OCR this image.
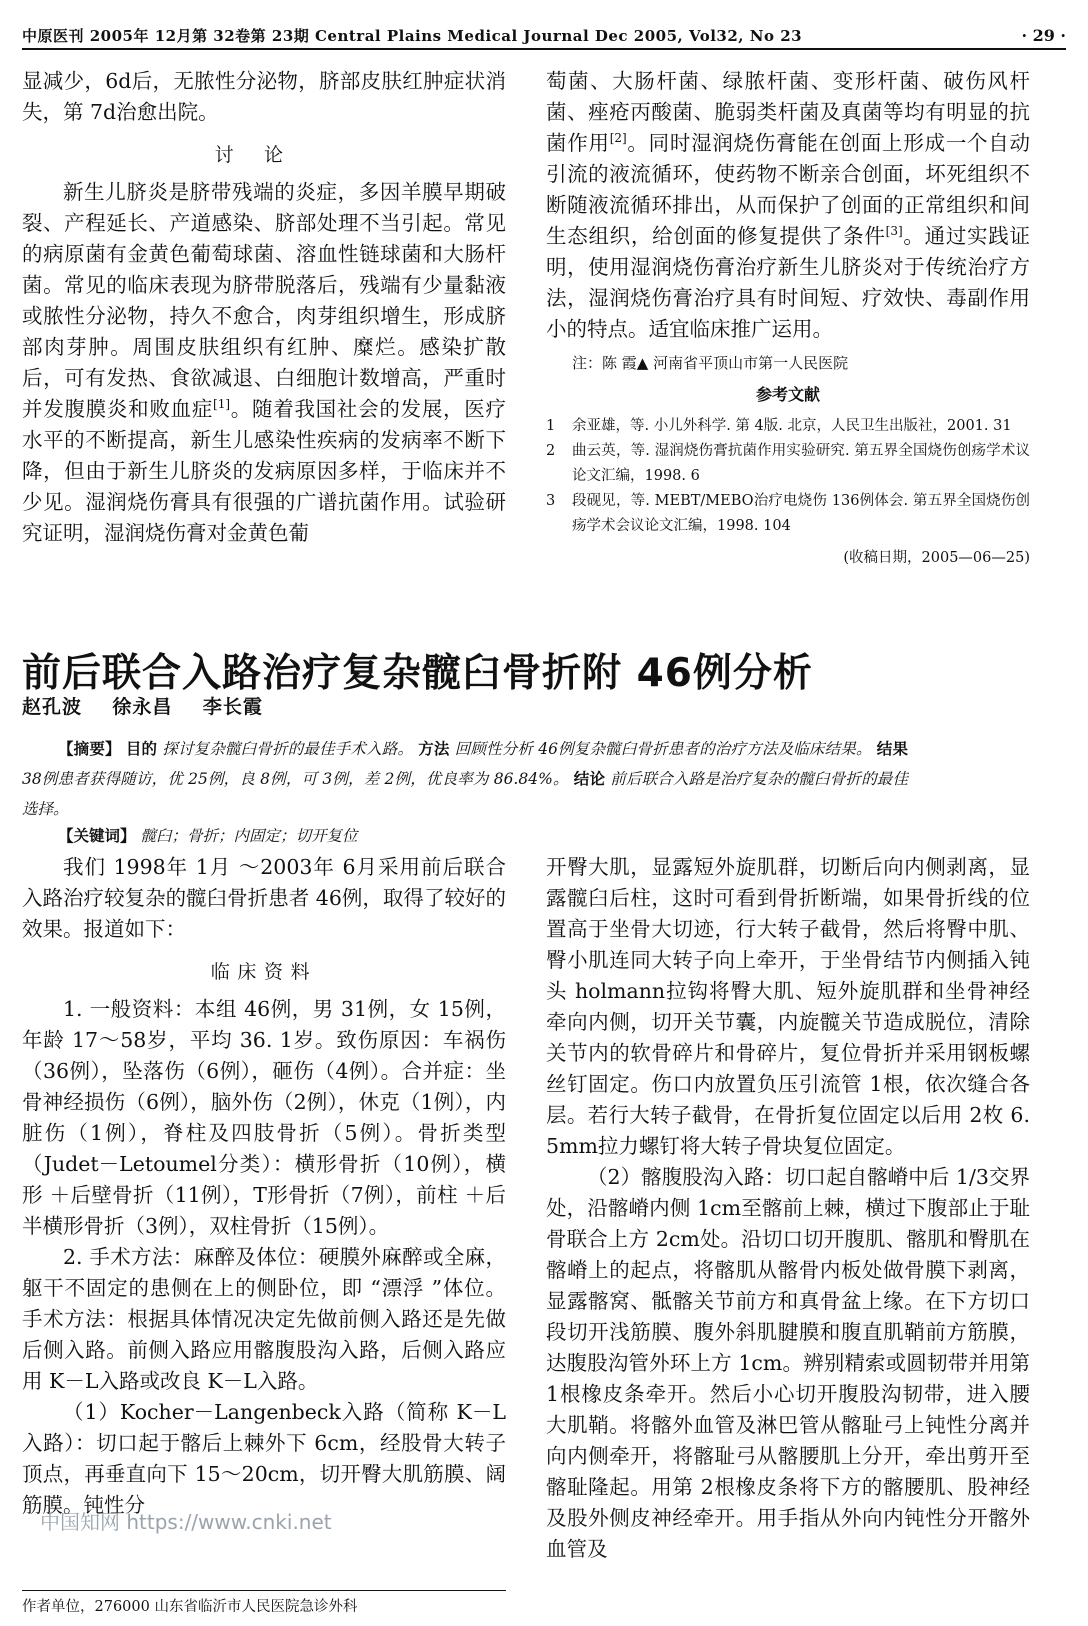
中原医刊 2005年 12月第 32卷第 23期 Central Plains Medical Journal Dec 2005, Vol32, No 23	· 29 ·

显减少，6d后，无脓性分泌物，脐部皮肤红肿症状消失，第 7d治愈出院。

讨论

新生儿脐炎是脐带残端的炎症，多因羊膜早期破裂、产程延长、产道感染、脐部处理不当引起。常见的病原菌有金黄色葡萄球菌、溶血性链球菌和大肠杆菌。常见的临床表现为脐带脱落后，残端有少量黏液或脓性分泌物，持久不愈合，肉芽组织增生，形成脐部肉芽肿。周围皮肤组织有红肿、糜烂。感染扩散后，可有发热、食欲减退、白细胞计数增高，严重时并发腹膜炎和败血症[1]。随着我国社会的发展，医疗水平的不断提高，新生儿感染性疾病的发病率不断下降，但由于新生儿脐炎的发病原因多样，于临床并不少见。湿润烧伤膏具有很强的广谱抗菌作用。试验研究证明，湿润烧伤膏对金黄色葡

萄菌、大肠杆菌、绿脓杆菌、变形杆菌、破伤风杆菌、痤疮丙酸菌、脆弱类杆菌及真菌等均有明显的抗菌作用[2]。同时湿润烧伤膏能在创面上形成一个自动引流的液流循环，使药物不断亲合创面，坏死组织不断随液流循环排出，从而保护了创面的正常组织和间生态组织，给创面的修复提供了条件[3]。通过实践证明，使用湿润烧伤膏治疗新生儿脐炎对于传统治疗方法，湿润烧伤膏治疗具有时间短、疗效快、毒副作用小的特点。适宜临床推广运用。

注：陈 霞▲ 河南省平顶山市第一人民医院
参考文献
1	余亚雄，等. 小儿外科学. 第 4版. 北京，人民卫生出版社，2001. 31
2	曲云英，等. 湿润烧伤膏抗菌作用实验研究. 第五界全国烧伤创疡学术议论文汇编，1998. 6
3	段砚见，等. MEBT/MEBO治疗电烧伤 136例体会. 第五界全国烧伤创疡学术会议论文汇编，1998. 104
(收稿日期，2005—06—25)
前后联合入路治疗复杂髋臼骨折附 46例分析
赵孔波 徐永昌 李长霞
【摘要】 目的 探讨复杂髋臼骨折的最佳手术入路。 方法 回顾性分析 46例复杂髋臼骨折患者的治疗方法及临床结果。 结果 38例患者获得随访，优 25例，良 8例，可 3例，差 2例，优良率为 86.84%。 结论 前后联合入路是治疗复杂的髋臼骨折的最佳选择。
【关键词】 髋臼；骨折；内固定；切开复位

我们 1998年 1月 ～2003年 6月采用前后联合入路治疗较复杂的髋臼骨折患者 46例，取得了较好的效果。报道如下：

临床资料

1. 一般资料：本组 46例，男 31例，女 15例，年龄 17～58岁，平均 36. 1岁。致伤原因：车祸伤（36例），坠落伤（6例），砸伤（4例）。合并症：坐骨神经损伤（6例），脑外伤（2例），休克（1例），内脏伤（1例），脊柱及四肢骨折（5例）。骨折类型（Judet－Letoumel分类）：横形骨折（10例），横形 ＋后壁骨折（11例），T形骨折（7例），前柱 ＋后半横形骨折（3例），双柱骨折（15例）。

2. 手术方法：麻醉及体位：硬膜外麻醉或全麻，躯干不固定的患侧在上的侧卧位，即 “漂浮 ”体位。手术方法：根据具体情况决定先做前侧入路还是先做后侧入路。前侧入路应用髂腹股沟入路，后侧入路应用 K－L入路或改良 K－L入路。

（1）Kocher－Langenbeck入路（简称 K－L入路）：切口起于髂后上棘外下 6cm，经股骨大转子顶点，再垂直向下 15～20cm，切开臀大肌筋膜、阔筋膜。钝性分

开臀大肌，显露短外旋肌群，切断后向内侧剥离，显露髋臼后柱，这时可看到骨折断端，如果骨折线的位置高于坐骨大切迹，行大转子截骨，然后将臀中肌、臀小肌连同大转子向上牵开，于坐骨结节内侧插入钝头 holmann拉钩将臀大肌、短外旋肌群和坐骨神经牵向内侧，切开关节囊，内旋髋关节造成脱位，清除关节内的软骨碎片和骨碎片，复位骨折并采用钢板螺丝钉固定。伤口内放置负压引流管 1根，依次缝合各层。若行大转子截骨，在骨折复位固定以后用 2枚 6. 5mm拉力螺钉将大转子骨块复位固定。

（2）髂腹股沟入路：切口起自髂嵴中后 1/3交界处，沿髂嵴内侧 1cm至髂前上棘，横过下腹部止于耻骨联合上方 2cm处。沿切口切开腹肌、髂肌和臀肌在髂嵴上的起点，将髂肌从髂骨内板处做骨膜下剥离，显露髂窝、骶髂关节前方和真骨盆上缘。在下方切口段切开浅筋膜、腹外斜肌腱膜和腹直肌鞘前方筋膜，达腹股沟管外环上方 1cm。辨别精索或圆韧带并用第 1根橡皮条牵开。然后小心切开腹股沟韧带，进入腰大肌鞘。将髂外血管及淋巴管从髂耻弓上钝性分离并向内侧牵开，将髂耻弓从髂腰肌上分开，牵出剪开至髂耻隆起。用第 2根橡皮条将下方的髂腰肌、股神经及股外侧皮神经牵开。用手指从外向内钝性分开髂外血管及

中国知网 https://www.cnki.net
作者单位，276000 山东省临沂市人民医院急诊外科
